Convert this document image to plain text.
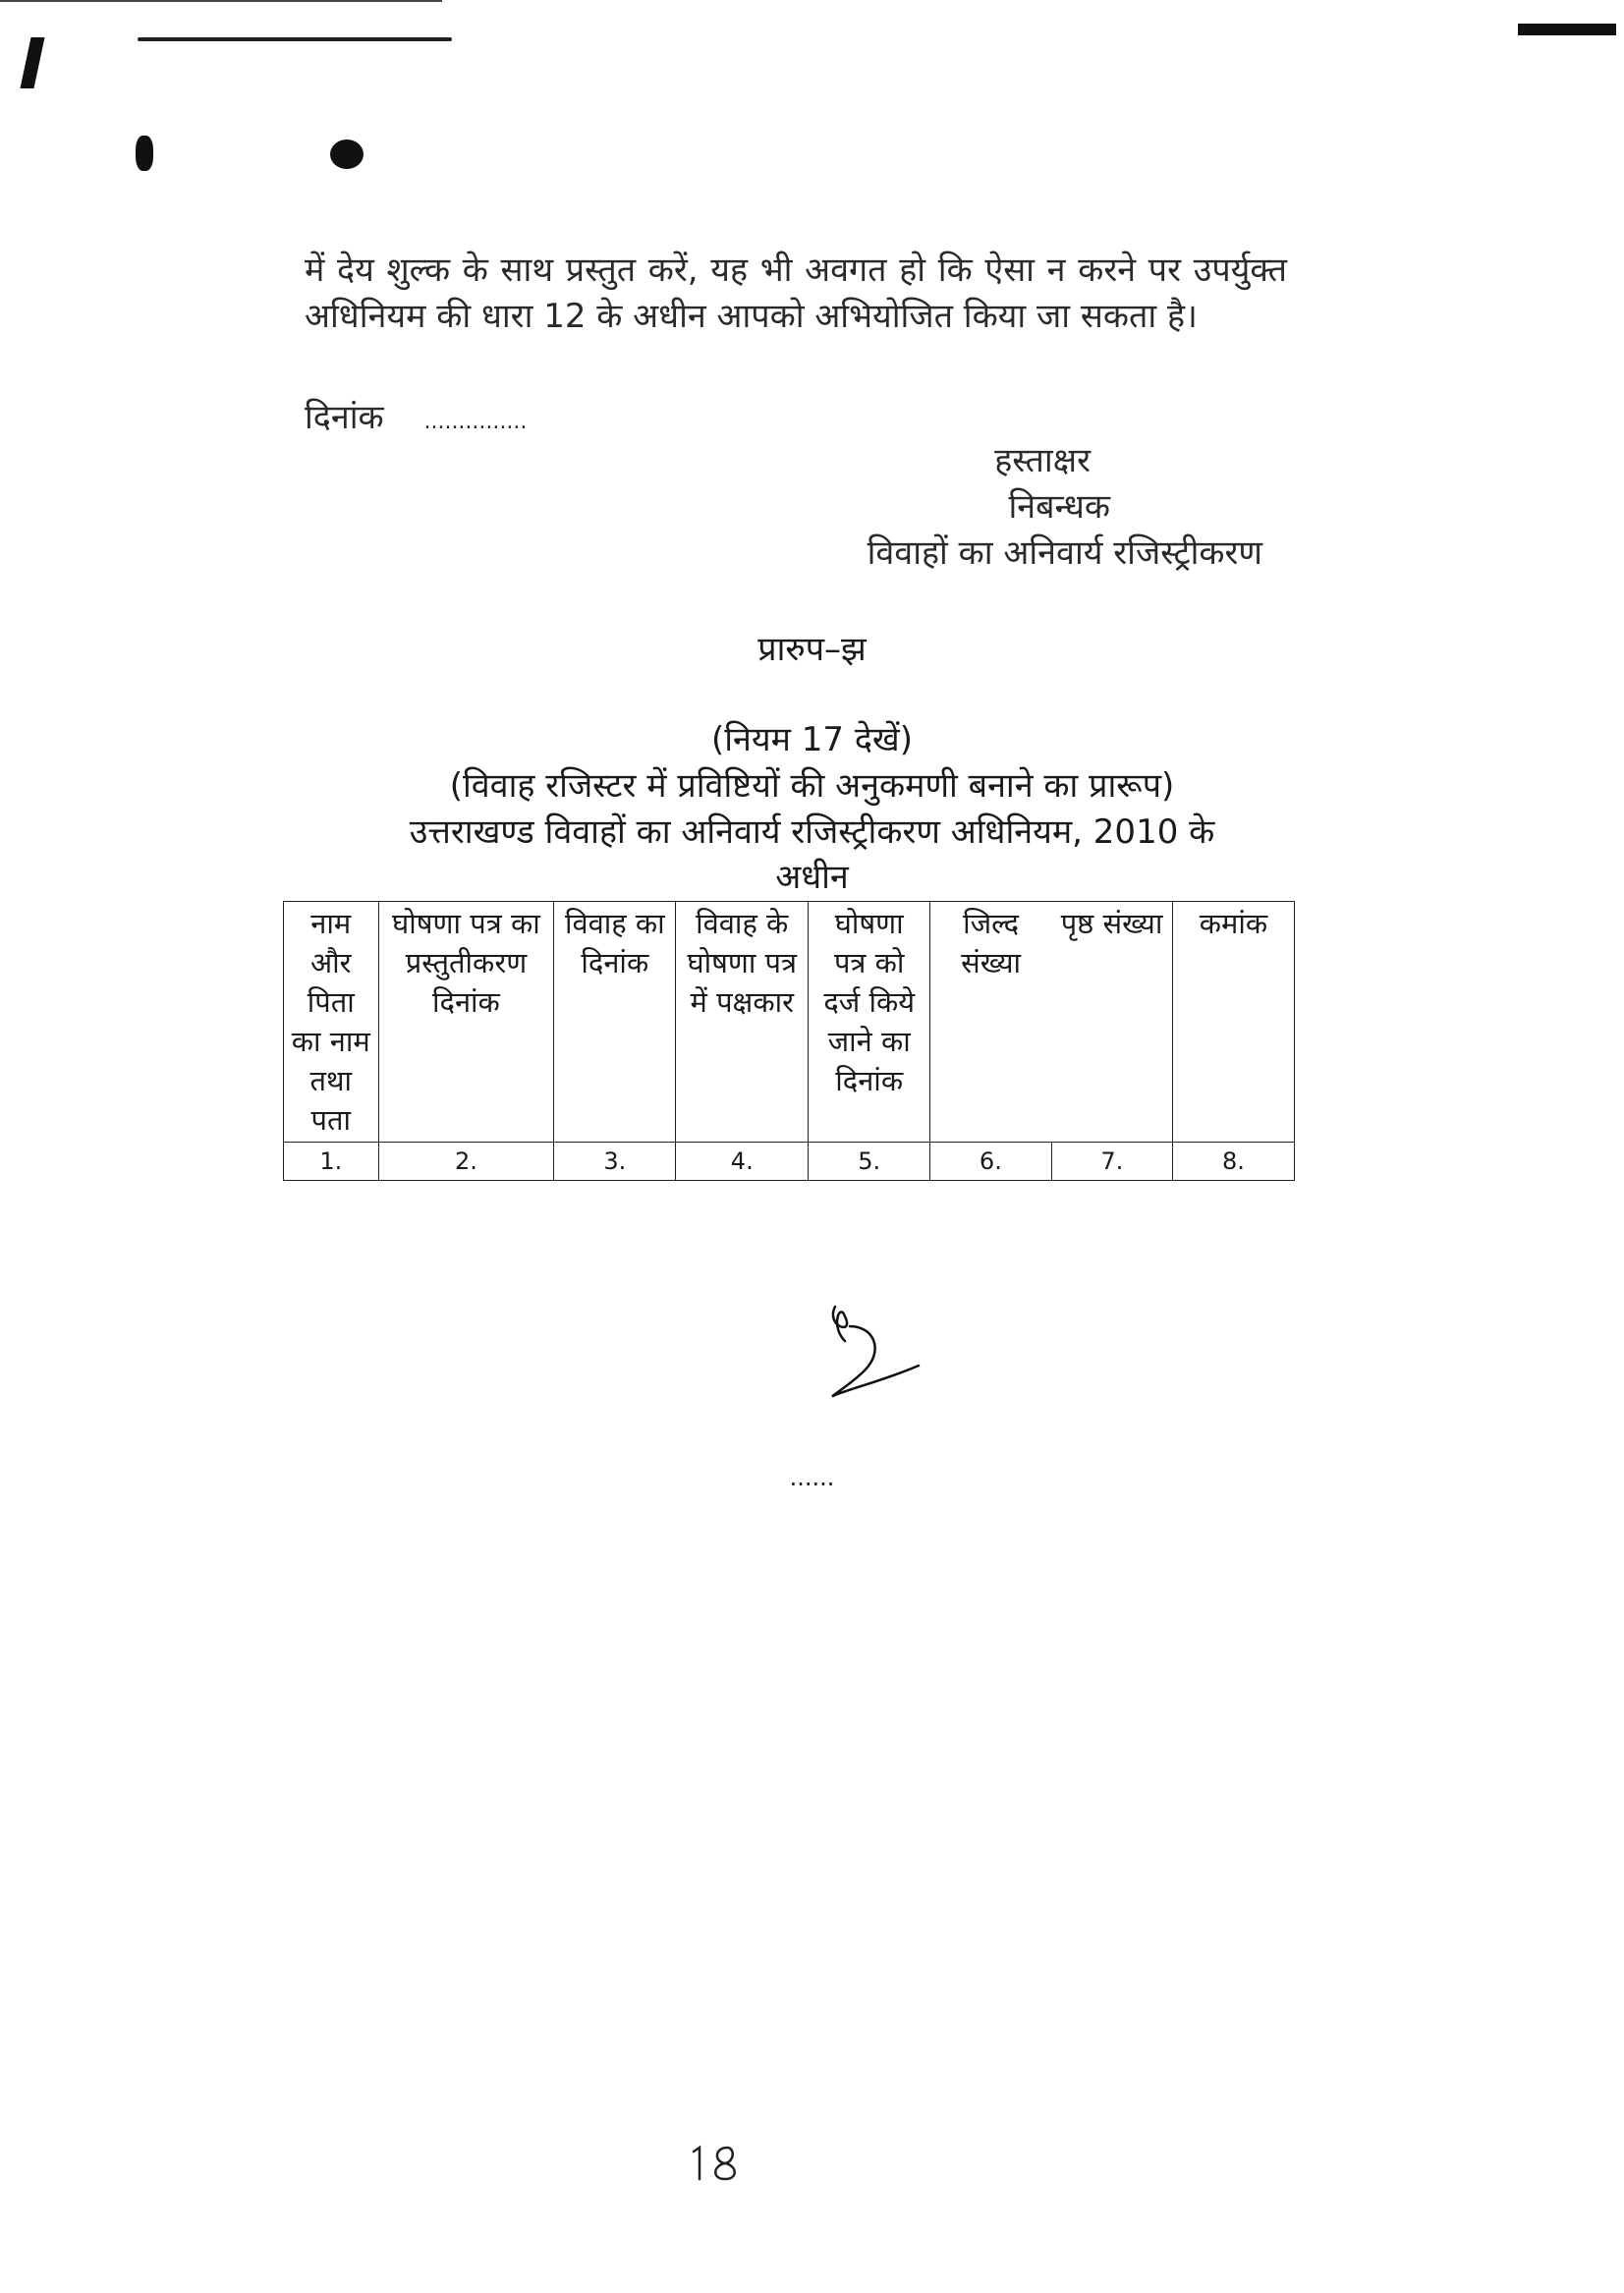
में देय शुल्क के साथ प्रस्तुत करें, यह भी अवगत हो कि ऐसा न करने पर उपर्युक्त अधिनियम की धारा 12 के अधीन आपको अभियोजित किया जा सकता है।
दिनांक ...............
हस्ताक्षर
निबन्धक
विवाहों का अनिवार्य रजिस्ट्रीकरण
प्रारुप–झ
(नियम 17 देखें)
(विवाह रजिस्टर में प्रविष्टियों की अनुकमणी बनाने का प्रारूप)
उत्तराखण्ड विवाहों का अनिवार्य रजिस्ट्रीकरण अधिनियम, 2010 के
अधीन
नाम और पिता का नाम तथा पता	घोषणा पत्र का प्रस्तुतीकरण दिनांक	विवाह का दिनांक	विवाह के घोषणा पत्र में पक्षकार	घोषणा पत्र को दर्ज किये जाने का दिनांक	जिल्द संख्या	पृष्ठ संख्या	कमांक
1.	2.	3.	4.	5.	6.	7.	8.
......
